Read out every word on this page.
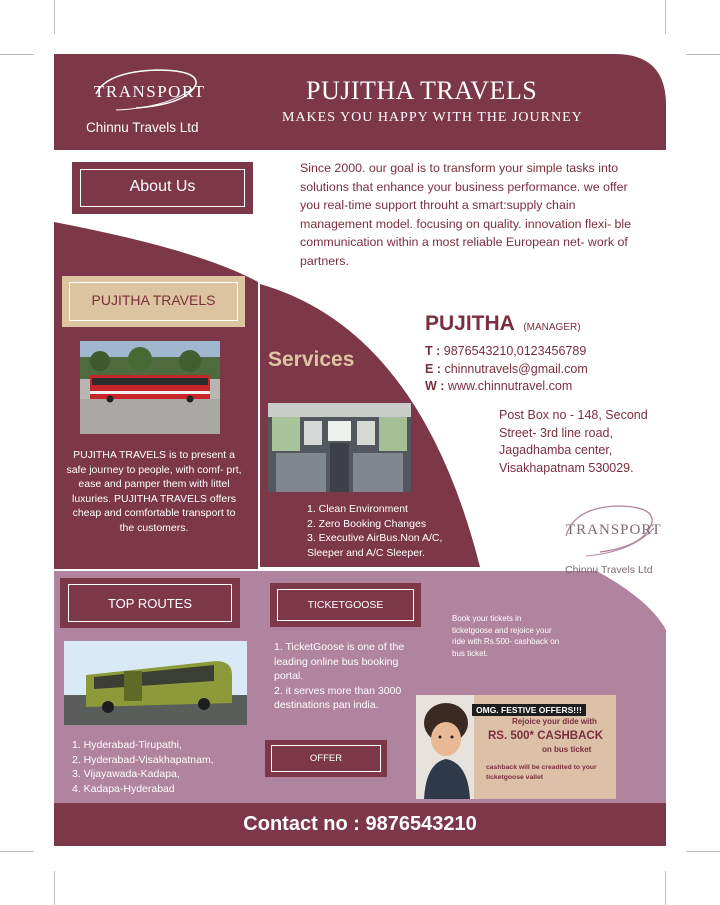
TRANSPORT
Chinnu Travels Ltd
PUJITHA TRAVELS
MAKES YOU HAPPY WITH THE JOURNEY
About Us
Since 2000. our goal is to transform your simple tasks into solutions that enhance your business performance. we offer you real-time support throuht a smart:supply chain management model. focusing on quality. innovation flexi- ble communication within a most reliable European net- work of partners.
PUJITHA TRAVELS
PUJITHA TRAVELS is to present a safe journey to people, with comf- prt, ease and pamper them with littel luxuries. PUJITHA TRAVELS offers cheap and comfortable transport to the customers.
Services
1. Clean Environment
2. Zero Booking Changes
3. Executive AirBus.Non A/C, Sleeper and A/C Sleeper.
PUJITHA (MANAGER)
T : 9876543210,0123456789
E : chinnutravels@gmail.com
W : www.chinnutravel.com
Post Box no - 148, Second Street- 3rd line road, Jagadhamba center, Visakhapatnam 530029.
TRANSPORT
Chinnu Travels Ltd
TOP ROUTES
1. Hyderabad-Tirupathi,
2. Hyderabad-Visakhapatnam,
3. Vijayawada-Kadapa,
4. Kadapa-Hyderabad
TICKETGOOSE
1. TicketGoose is one of the leading online bus booking portal.
2. it serves more than 3000 destinations pan india.
OFFER
Book your tickets in ticketgoose and rejoice your ride with Rs.500- cashback on bus ticket.
OMG. FESTIVE OFFERS!!!
Rejoice your dide with
RS. 500* CASHBACK
on bus ticket
cashback will be creadited to your ticketgoose vallet
Contact no : 9876543210
